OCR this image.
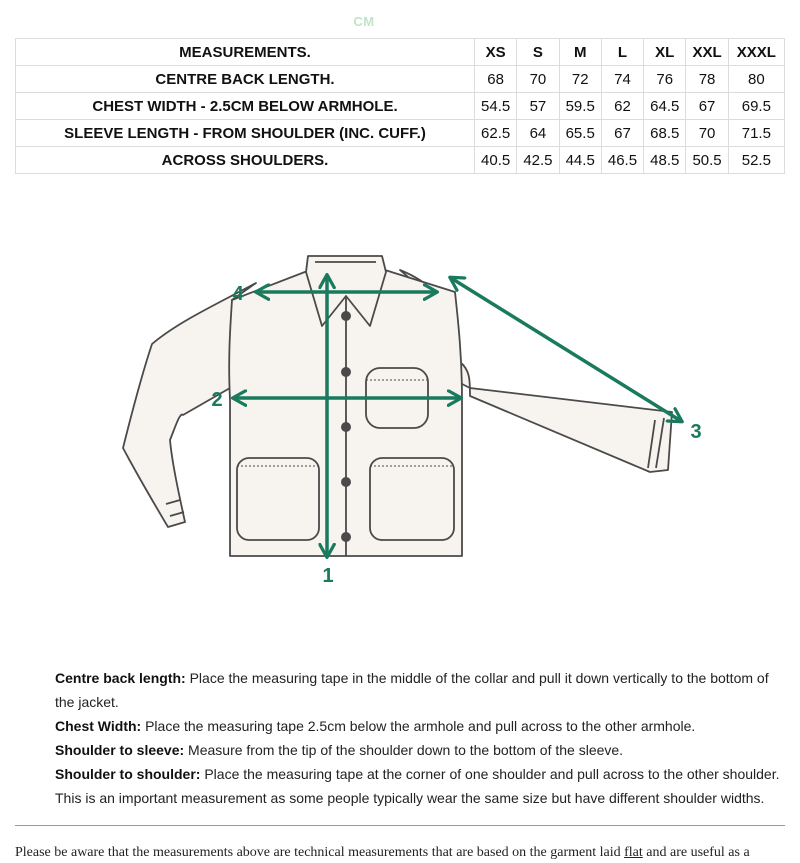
CM
MEASUREMENTS.	XS	S	M	L	XL	XXL	XXXL
CENTRE BACK LENGTH.	68	70	72	74	76	78	80
CHEST WIDTH - 2.5CM BELOW ARMHOLE.	54.5	57	59.5	62	64.5	67	69.5
SLEEVE LENGTH - FROM SHOULDER (INC. CUFF.)	62.5	64	65.5	67	68.5	70	71.5
ACROSS SHOULDERS.	40.5	42.5	44.5	46.5	48.5	50.5	52.5
1
2
3
4

Centre back length: Place the measuring tape in the middle of the collar and pull it down vertically to the bottom of the jacket.

Chest Width: Place the measuring tape 2.5cm below the armhole and pull across to the other armhole.

Shoulder to sleeve: Measure from the tip of the shoulder down to the bottom of the sleeve.

Shoulder to shoulder: Place the measuring tape at the corner of one shoulder and pull across to the other shoulder. This is an important measurement as some people typically wear the same size but have different shoulder widths.

Please be aware that the measurements above are technical measurements that are based on the garment laid flat and are useful as a
